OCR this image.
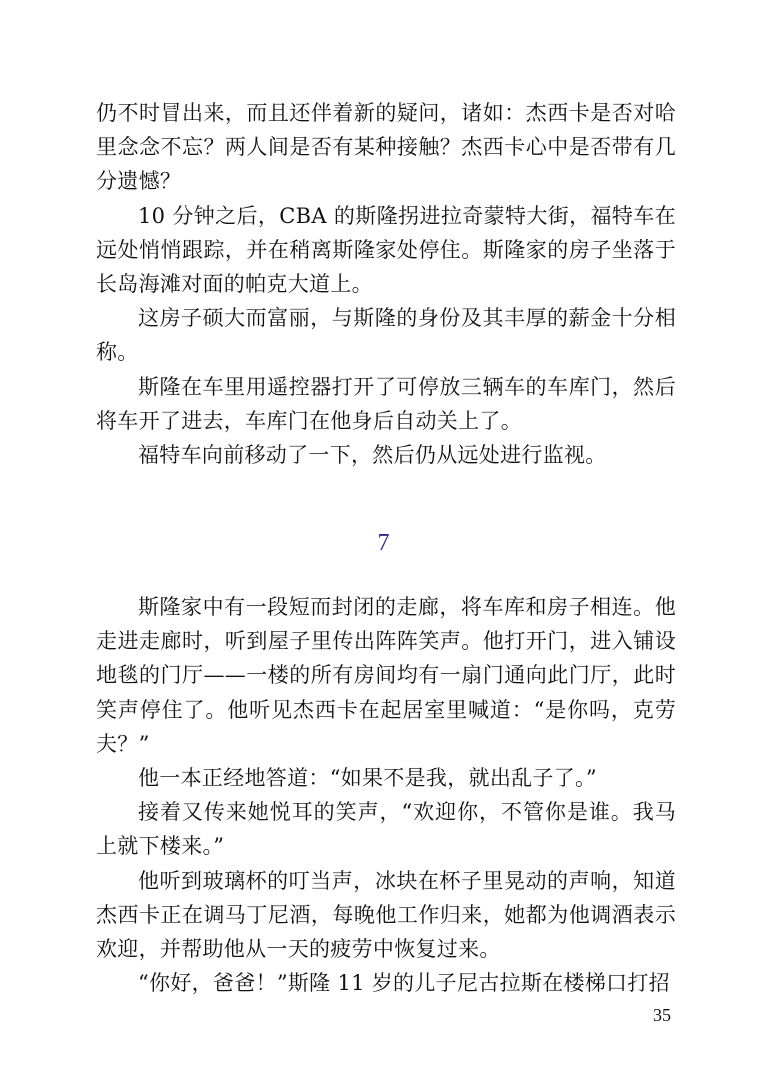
仍不时冒出来，而且还伴着新的疑问，诸如：杰西卡是否对哈里念念不忘？两人间是否有某种接触？杰西卡心中是否带有几分遗憾？

10 分钟之后，CBA 的斯隆拐进拉奇蒙特大街，福特车在远处悄悄跟踪，并在稍离斯隆家处停住。斯隆家的房子坐落于长岛海滩对面的帕克大道上。

这房子硕大而富丽，与斯隆的身份及其丰厚的薪金十分相称。

斯隆在车里用遥控器打开了可停放三辆车的车库门，然后将车开了进去，车库门在他身后自动关上了。

福特车向前移动了一下，然后仍从远处进行监视。

7

斯隆家中有一段短而封闭的走廊，将车库和房子相连。他走进走廊时，听到屋子里传出阵阵笑声。他打开门，进入铺设地毯的门厅——一楼的所有房间均有一扇门通向此门厅，此时笑声停住了。他听见杰西卡在起居室里喊道：“是你吗，克劳夫？”

他一本正经地答道：“如果不是我，就出乱子了。”

接着又传来她悦耳的笑声，“欢迎你，不管你是谁。我马上就下楼来。”

他听到玻璃杯的叮当声，冰块在杯子里晃动的声响，知道杰西卡正在调马丁尼酒，每晚他工作归来，她都为他调酒表示欢迎，并帮助他从一天的疲劳中恢复过来。

“你好，爸爸！”斯隆 11 岁的儿子尼古拉斯在楼梯口打招

35
